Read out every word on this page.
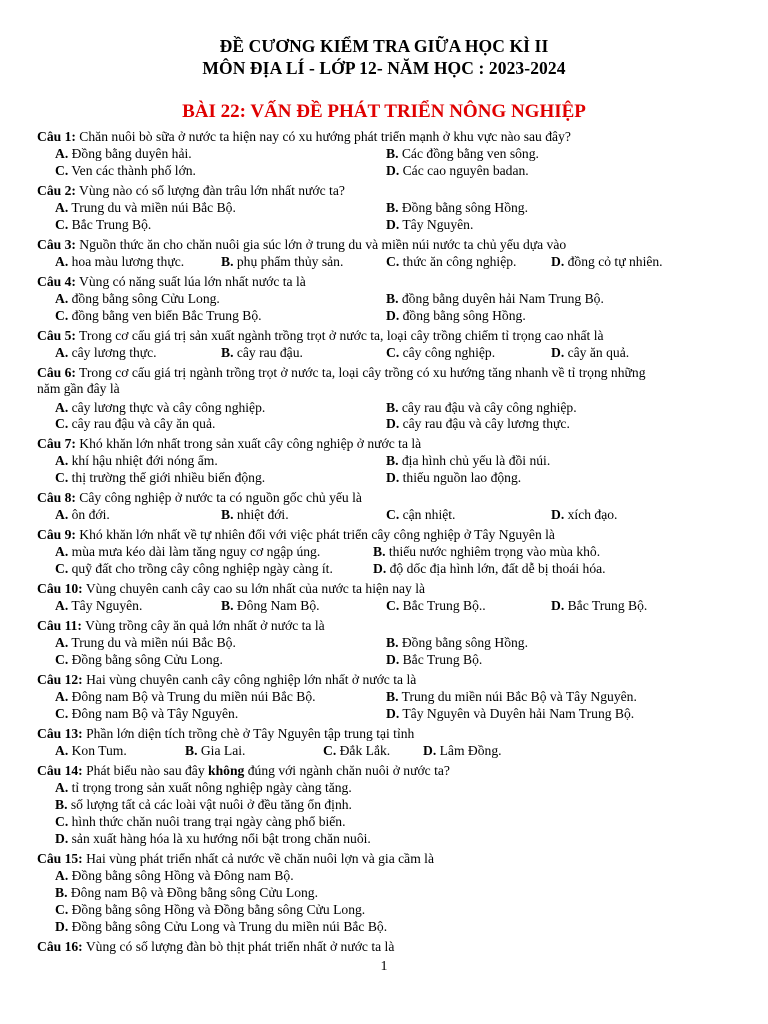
ĐỀ CƯƠNG KIỂM TRA GIỮA HỌC KÌ II
MÔN ĐỊA LÍ - LỚP 12- NĂM HỌC : 2023-2024
BÀI 22: VẤN ĐỀ PHÁT TRIỂN NÔNG NGHIỆP
Câu 1: Chăn nuôi bò sữa ở nước ta hiện nay có xu hướng phát triển mạnh ở khu vực nào sau đây?
A. Đồng bằng duyên hải.	B. Các đồng bằng ven sông.
C. Ven các thành phố lớn.	D. Các cao nguyên badan.
Câu 2: Vùng nào có số lượng đàn trâu lớn nhất nước ta?
A. Trung du và miền núi Bắc Bộ.	B. Đồng bằng sông Hồng.
C. Bắc Trung Bộ.	D. Tây Nguyên.
Câu 3: Nguồn thức ăn cho chăn nuôi gia súc lớn ở trung du và miền núi nước ta chủ yếu dựa vào
A. hoa màu lương thực.	B. phụ phẩm thủy sản.	C. thức ăn công nghiệp.	D. đồng cỏ tự nhiên.
Câu 4: Vùng có năng suất lúa lớn nhất nước ta là
A. đồng bằng sông Cửu Long.	B. đồng bằng duyên hải Nam Trung Bộ.
C. đồng bằng ven biển Bắc Trung Bộ.	D. đồng bằng sông Hồng.
Câu 5: Trong cơ cấu giá trị sản xuất ngành trồng trọt ở nước ta, loại cây trồng chiếm tỉ trọng cao nhất là
A. cây lương thực.	B. cây rau đậu.	C. cây công nghiệp.	D. cây ăn quả.
Câu 6: Trong cơ cấu giá trị ngành trồng trọt ở nước ta, loại cây trồng có xu hướng tăng nhanh về tỉ trọng những
năm gần đây là
A. cây lương thực và cây công nghiệp.	B. cây rau đậu và cây công nghiệp.
C. cây rau đậu và cây ăn quả.	D. cây rau đậu và cây lương thực.
Câu 7: Khó khăn lớn nhất trong sản xuất cây công nghiệp ở nước ta là
A. khí hậu nhiệt đới nóng ẩm.	B. địa hình chủ yếu là đồi núi.
C. thị trường thế giới nhiều biến động.	D. thiếu nguồn lao động.
Câu 8: Cây công nghiệp ở nước ta có nguồn gốc chủ yếu là
A. ôn đới.	B. nhiệt đới.	C. cận nhiệt.	D. xích đạo.
Câu 9: Khó khăn lớn nhất về tự nhiên đối với việc phát triển cây công nghiệp ở Tây Nguyên là
A. mùa mưa kéo dài làm tăng nguy cơ ngập úng.	B. thiếu nước nghiêm trọng vào mùa khô.
C. quỹ đất cho trồng cây công nghiệp ngày càng ít.	D. độ dốc địa hình lớn, đất dễ bị thoái hóa.
Câu 10: Vùng chuyên canh cây cao su lớn nhất của nước ta hiện nay là
A. Tây Nguyên.	B. Đông Nam Bộ.	C. Bắc Trung Bộ..	D. Bắc Trung Bộ.
Câu 11: Vùng trồng cây ăn quả lớn nhất ở nước ta là
A. Trung du và miền núi Bắc Bộ.	B. Đồng bằng sông Hồng.
C. Đồng bằng sông Cửu Long.	D. Bắc Trung Bộ.
Câu 12: Hai vùng chuyên canh cây công nghiệp lớn nhất ở nước ta là
A. Đông nam Bộ và Trung du miền núi Bắc Bộ.	B. Trung du miền núi Bắc Bộ và Tây Nguyên.
C. Đông nam Bộ và Tây Nguyên.	D. Tây Nguyên và Duyên hải Nam Trung Bộ.
Câu 13: Phần lớn diện tích trồng chè ở Tây Nguyên tập trung tại tỉnh
A. Kon Tum.	B. Gia Lai.	C. Đắk Lắk. D. Lâm Đồng.
Câu 14: Phát biểu nào sau đây không đúng với ngành chăn nuôi ở nước ta?
A. tỉ trọng trong sản xuất nông nghiệp ngày càng tăng.
B. số lượng tất cả các loài vật nuôi ở đều tăng ổn định.
C. hình thức chăn nuôi trang trại ngày càng phổ biến.
D. sản xuất hàng hóa là xu hướng nổi bật trong chăn nuôi.
Câu 15: Hai vùng phát triển nhất cả nước về chăn nuôi lợn và gia cầm là
A. Đồng bằng sông Hồng và Đông nam Bộ.
B. Đông nam Bộ và Đồng bằng sông Cửu Long.
C. Đồng bằng sông Hồng và Đồng bằng sông Cửu Long.
D. Đồng bằng sông Cửu Long và Trung du miền núi Bắc Bộ.
Câu 16: Vùng có số lượng đàn bò thịt phát triển nhất ở nước ta là
1
